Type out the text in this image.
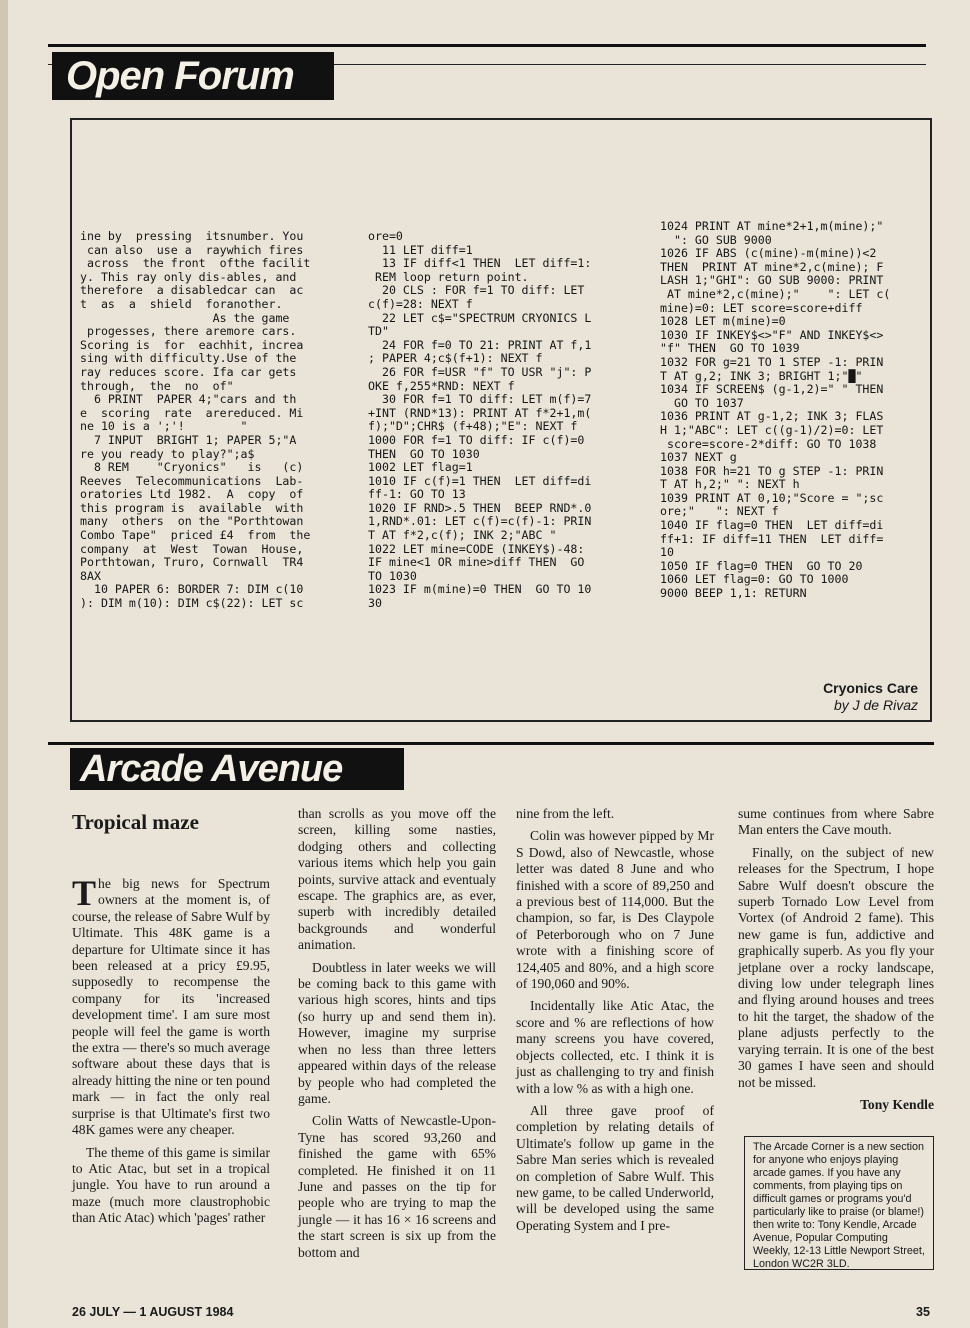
Open Forum
ine by  pressing  itsnumber. You
can also  use a  raywhich fires
across  the front  ofthe facilit
y. This ray only dis-ables, and
therefore  a disabledcar can  ac
t  as  a  shield  foranother.
As the game
progesses, there aremore cars.
Scoring is  for  eachhit, increa
sing with difficulty.Use of the
ray reduces score. Ifa car gets
through,  the  no  of"
6 PRINT  PAPER 4;"cars and th
e  scoring  rate  arereduced. Mi
ne 10 is a ';'!        "
7 INPUT  BRIGHT 1; PAPER 5;"A
re you ready to play?";a$
8 REM    "Cryonics"   is   (c)
Reeves  Telecommunications  Lab-
oratories Ltd 1982.  A  copy  of
this program is  available  with
many  others  on the "Porthtowan
Combo Tape"  priced £4  from  the
company  at  West  Towan  House,
Porthtowan, Truro, Cornwall  TR4
8AX
10 PAPER 6: BORDER 7: DIM c(10
): DIM m(10): DIM c$(22): LET sc
ore=0
11 LET diff=1
13 IF diff<1 THEN  LET diff=1:
REM loop return point.
20 CLS : FOR f=1 TO diff: LET
c(f)=28: NEXT f
22 LET c$="SPECTRUM CRYONICS L
TD"
24 FOR f=0 TO 21: PRINT AT f,1
; PAPER 4;c$(f+1): NEXT f
26 FOR f=USR "f" TO USR "j": P
OKE f,255*RND: NEXT f
30 FOR f=1 TO diff: LET m(f)=7
+INT (RND*13): PRINT AT f*2+1,m(
f);"D";CHR$ (f+48);"E": NEXT f
1000 FOR f=1 TO diff: IF c(f)=0
THEN  GO TO 1030
1002 LET flag=1
1010 IF c(f)=1 THEN  LET diff=di
ff-1: GO TO 13
1020 IF RND>.5 THEN  BEEP RND*.0
1,RND*.01: LET c(f)=c(f)-1: PRIN
T AT f*2,c(f); INK 2;"ABC "
1022 LET mine=CODE (INKEY$)-48:
IF mine<1 OR mine>diff THEN  GO
TO 1030
1023 IF m(mine)=0 THEN  GO TO 10
30
1024 PRINT AT mine*2+1,m(mine);"
": GO SUB 9000
1026 IF ABS (c(mine)-m(mine))<2
THEN  PRINT AT mine*2,c(mine); F
LASH 1;"GHI": GO SUB 9000: PRINT
AT mine*2,c(mine);"    ": LET c(
mine)=0: LET score=score+diff
1028 LET m(mine)=0
1030 IF INKEY$<>"F" AND INKEY$<>
"f" THEN  GO TO 1039
1032 FOR g=21 TO 1 STEP -1: PRIN
T AT g,2; INK 3; BRIGHT 1;"█"
1034 IF SCREEN$ (g-1,2)=" " THEN
GO TO 1037
1036 PRINT AT g-1,2; INK 3; FLAS
H 1;"ABC": LET c((g-1)/2)=0: LET
score=score-2*diff: GO TO 1038
1037 NEXT g
1038 FOR h=21 TO g STEP -1: PRIN
T AT h,2;" ": NEXT h
1039 PRINT AT 0,10;"Score = ";sc
ore;"   ": NEXT f
1040 IF flag=0 THEN  LET diff=di
ff+1: IF diff=11 THEN  LET diff=
10
1050 IF flag=0 THEN  GO TO 20
1060 LET flag=0: GO TO 1000
9000 BEEP 1,1: RETURN
Cryonics Care
by J de Rivaz
Arcade Avenue
Tropical maze

The big news for Spectrum owners at the moment is, of course, the release of Sabre Wulf by Ultimate. This 48K game is a departure for Ultimate since it has been released at a pricy £9.95, supposedly to recompense the company for its 'increased development time'. I am sure most people will feel the game is worth the extra — there's so much average software about these days that is already hitting the nine or ten pound mark — in fact the only real surprise is that Ultimate's first two 48K games were any cheaper.

The theme of this game is similar to Atic Atac, but set in a tropical jungle. You have to run around a maze (much more claustrophobic than Atic Atac) which 'pages' rather

than scrolls as you move off the screen, killing some nasties, dodging others and collecting various items which help you gain points, survive attack and eventualy escape. The graphics are, as ever, superb with incredibly detailed backgrounds and wonderful animation.

Doubtless in later weeks we will be coming back to this game with various high scores, hints and tips (so hurry up and send them in). However, imagine my surprise when no less than three letters appeared within days of the release by people who had completed the game.

Colin Watts of Newcastle-Upon-Tyne has scored 93,260 and finished the game with 65% completed. He finished it on 11 June and passes on the tip for people who are trying to map the jungle — it has 16 × 16 screens and the start screen is six up from the bottom and

nine from the left.

Colin was however pipped by Mr S Dowd, also of Newcastle, whose letter was dated 8 June and who finished with a score of 89,250 and a previous best of 114,000. But the champion, so far, is Des Claypole of Peterborough who on 7 June wrote with a finishing score of 124,405 and 80%, and a high score of 190,060 and 90%.

Incidentally like Atic Atac, the score and % are reflections of how many screens you have covered, objects collected, etc. I think it is just as challenging to try and finish with a low % as with a high one.

All three gave proof of completion by relating details of Ultimate's follow up game in the Sabre Man series which is revealed on completion of Sabre Wulf. This new game, to be called Underworld, will be developed using the same Operating System and I pre-

sume continues from where Sabre Man enters the Cave mouth.

Finally, on the subject of new releases for the Spectrum, I hope Sabre Wulf doesn't obscure the superb Tornado Low Level from Vortex (of Android 2 fame). This new game is fun, addictive and graphically superb. As you fly your jetplane over a rocky landscape, diving low under telegraph lines and flying around houses and trees to hit the target, the shadow of the plane adjusts perfectly to the varying terrain. It is one of the best 30 games I have seen and should not be missed.

Tony Kendle
The Arcade Corner is a new section for anyone who enjoys playing arcade games. If you have any comments, from playing tips on difficult games or programs you'd particularly like to praise (or blame!) then write to: Tony Kendle, Arcade Avenue, Popular Computing Weekly, 12-13 Little Newport Street, London WC2R 3LD.
26 JULY — 1 AUGUST 1984	35
